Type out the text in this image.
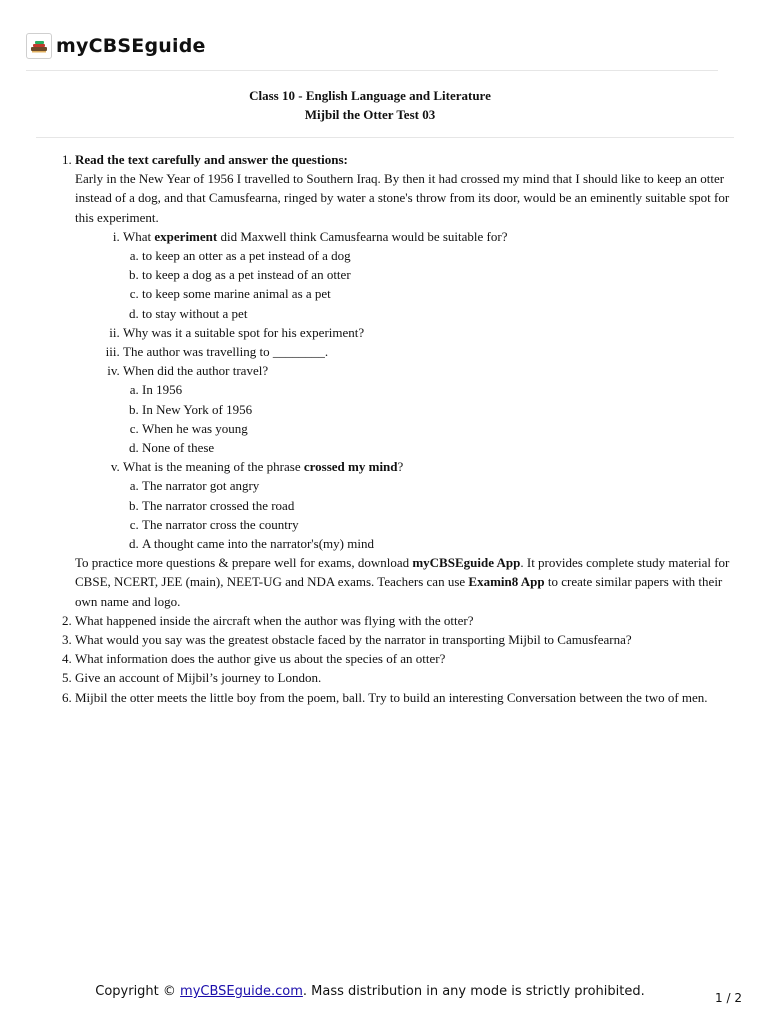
myCBSEguide
Class 10 - English Language and Literature
Mijbil the Otter Test 03
1. Read the text carefully and answer the questions:

Early in the New Year of 1956 I travelled to Southern Iraq. By then it had crossed my mind that I should like to keep an otter instead of a dog, and that Camusfearna, ringed by water a stone's throw from its door, would be an eminently suitable spot for this experiment.

i. What experiment did Maxwell think Camusfearna would be suitable for?
a. to keep an otter as a pet instead of a dog
b. to keep a dog as a pet instead of an otter
c. to keep some marine animal as a pet
d. to stay without a pet
ii. Why was it a suitable spot for his experiment?
iii. The author was travelling to ________.
iv. When did the author travel?
a. In 1956
b. In New York of 1956
c. When he was young
d. None of these
v. What is the meaning of the phrase crossed my mind?
a. The narrator got angry
b. The narrator crossed the road
c. The narrator cross the country
d. A thought came into the narrator's(my) mind

To practice more questions & prepare well for exams, download myCBSEguide App. It provides complete study material for CBSE, NCERT, JEE (main), NEET-UG and NDA exams. Teachers can use Examin8 App to create similar papers with their own name and logo.

2. What happened inside the aircraft when the author was flying with the otter?
3. What would you say was the greatest obstacle faced by the narrator in transporting Mijbil to Camusfearna?
4. What information does the author give us about the species of an otter?
5. Give an account of Mijbil’s journey to London.
6. Mijbil the otter meets the little boy from the poem, ball. Try to build an interesting Conversation between the two of men.
Copyright © myCBSEguide.com. Mass distribution in any mode is strictly prohibited.	1 / 2
